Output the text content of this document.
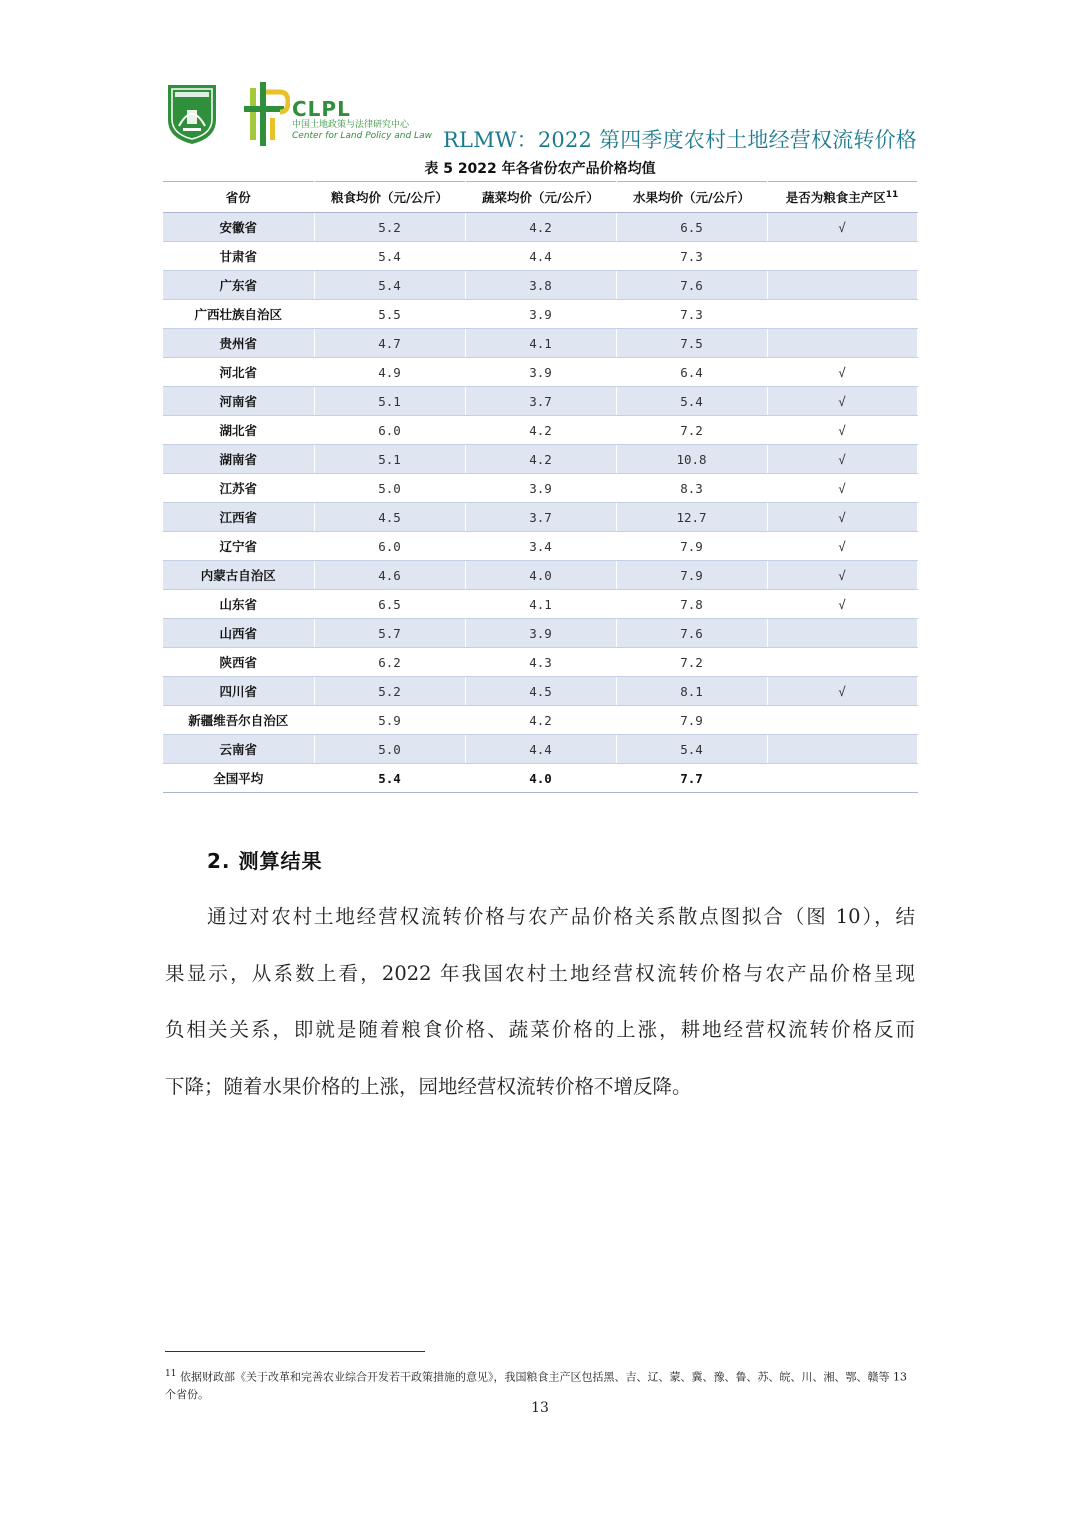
CLPL
中国土地政策与法律研究中心
Center for Land Policy and Law RLMW：2022 第四季度农村土地经营权流转价格
表 5 2022 年各省份农产品价格均值
省份	粮食均价（元/公斤）	蔬菜均价（元/公斤）	水果均价（元/公斤）	是否为粮食主产区$^{11}$
安徽省	5.2	4.2	6.5	√
甘肃省	5.4	4.4	7.3	
广东省	5.4	3.8	7.6	
广西壮族自治区	5.5	3.9	7.3	
贵州省	4.7	4.1	7.5	
河北省	4.9	3.9	6.4	√
河南省	5.1	3.7	5.4	√
湖北省	6.0	4.2	7.2	√
湖南省	5.1	4.2	10.8	√
江苏省	5.0	3.9	8.3	√
江西省	4.5	3.7	12.7	√
辽宁省	6.0	3.4	7.9	√
内蒙古自治区	4.6	4.0	7.9	√
山东省	6.5	4.1	7.8	√
山西省	5.7	3.9	7.6	
陕西省	6.2	4.3	7.2	
四川省	5.2	4.5	8.1	√
新疆维吾尔自治区	5.9	4.2	7.9	
云南省	5.0	4.4	5.4	
全国平均	5.4	4.0	7.7	
2. 测算结果
通过对农村土地经营权流转价格与农产品价格关系散点图拟合（图 10），结
果显示，从系数上看，2022 年我国农村土地经营权流转价格与农产品价格呈现
负相关关系，即就是随着粮食价格、蔬菜价格的上涨，耕地经营权流转价格反而
下降；随着水果价格的上涨，园地经营权流转价格不增反降。
$^{11}$ 依据财政部《关于改革和完善农业综合开发若干政策措施的意见》，我国粮食主产区包括黑、吉、辽、蒙、冀、豫、鲁、苏、皖、川、湘、鄂、赣等 13 个省份。
13
